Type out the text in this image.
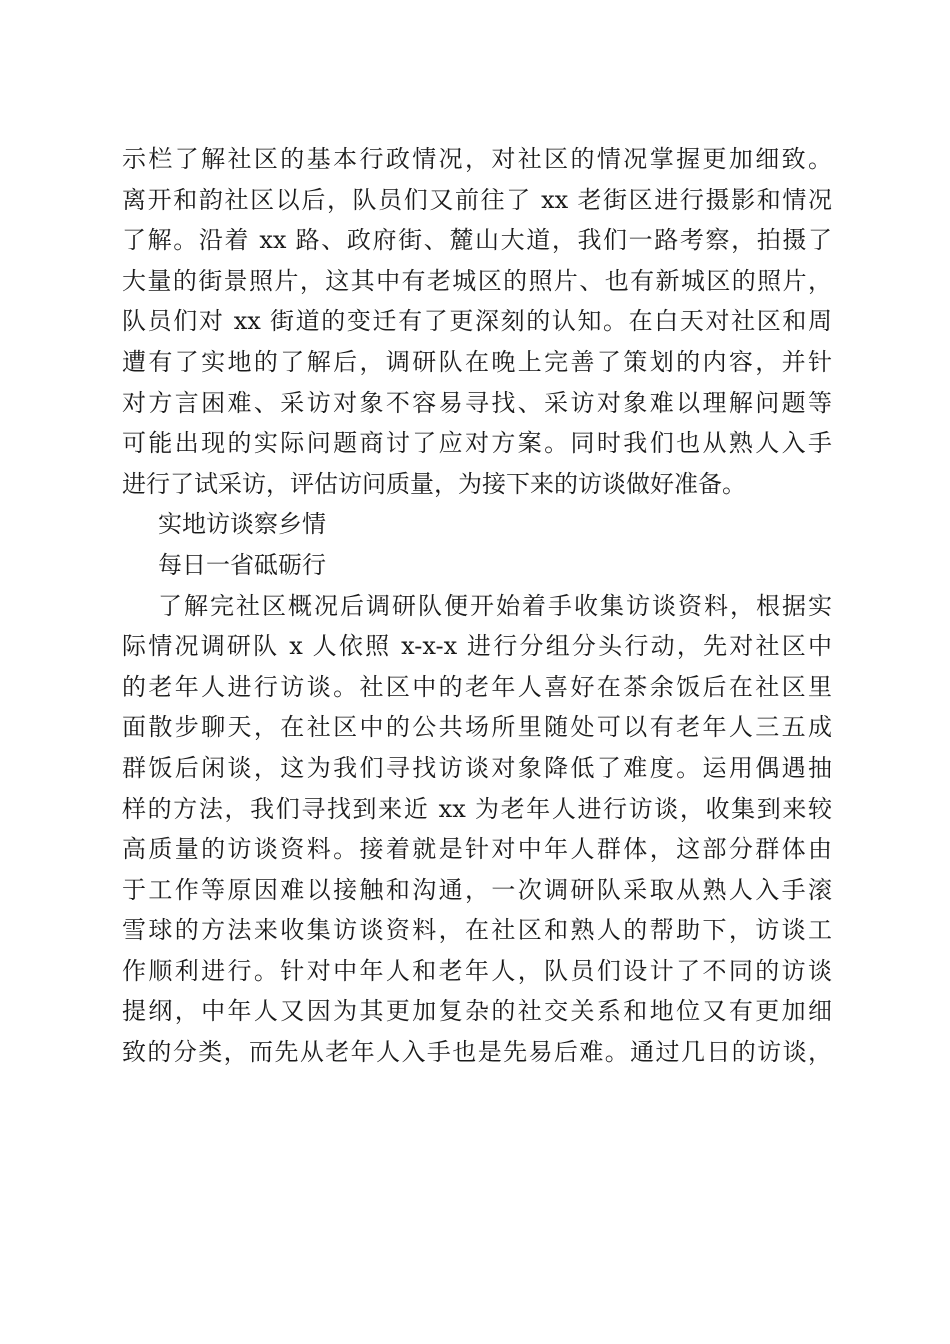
示栏了解社区的基本行政情况，对社区的情况掌握更加细致。
离开和韵社区以后，队员们又前往了 xx 老街区进行摄影和情况
了解。沿着 xx 路、政府街、麓山大道，我们一路考察，拍摄了
大量的街景照片，这其中有老城区的照片、也有新城区的照片，
队员们对 xx 街道的变迁有了更深刻的认知。在白天对社区和周
遭有了实地的了解后，调研队在晚上完善了策划的内容，并针
对方言困难、采访对象不容易寻找、采访对象难以理解问题等
可能出现的实际问题商讨了应对方案。同时我们也从熟人入手
进行了试采访，评估访问质量，为接下来的访谈做好准备。
实地访谈察乡情
每日一省砥砺行
了解完社区概况后调研队便开始着手收集访谈资料，根据实
际情况调研队 x 人依照 x-x-x 进行分组分头行动，先对社区中
的老年人进行访谈。社区中的老年人喜好在茶余饭后在社区里
面散步聊天，在社区中的公共场所里随处可以有老年人三五成
群饭后闲谈，这为我们寻找访谈对象降低了难度。运用偶遇抽
样的方法，我们寻找到来近 xx 为老年人进行访谈，收集到来较
高质量的访谈资料。接着就是针对中年人群体，这部分群体由
于工作等原因难以接触和沟通，一次调研队采取从熟人入手滚
雪球的方法来收集访谈资料，在社区和熟人的帮助下，访谈工
作顺利进行。针对中年人和老年人，队员们设计了不同的访谈
提纲，中年人又因为其更加复杂的社交关系和地位又有更加细
致的分类，而先从老年人入手也是先易后难。通过几日的访谈，
